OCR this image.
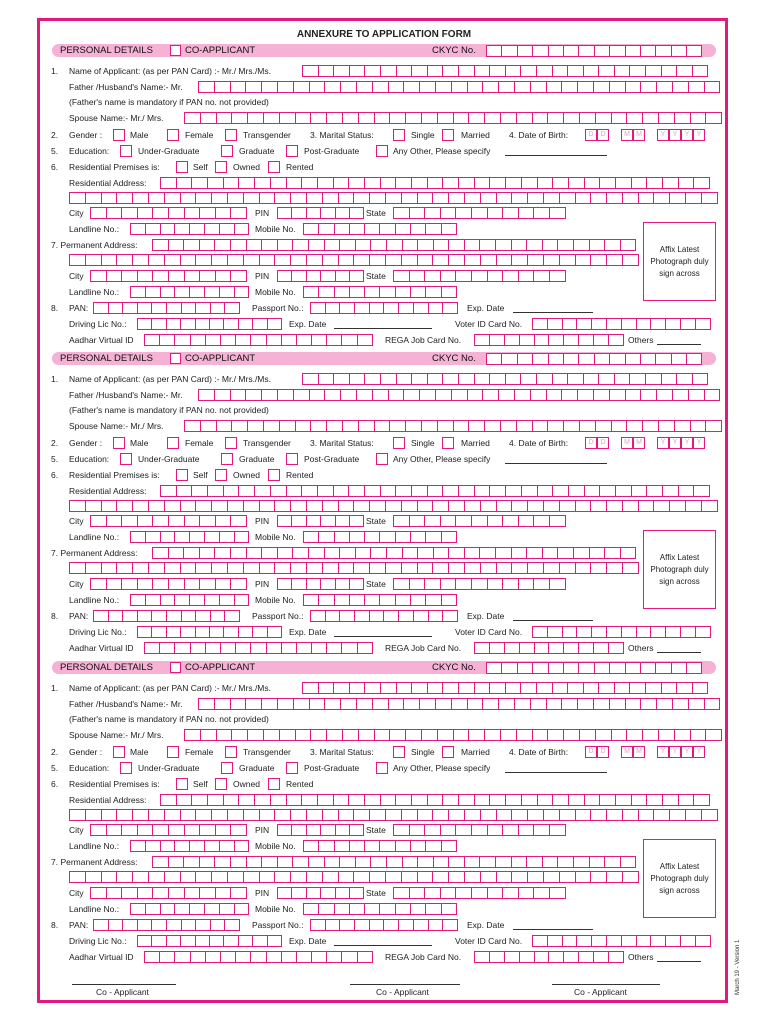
ANNEXURE TO APPLICATION FORM
PERSONAL DETAILS	CO-APPLICANT	CKYC No.
1. Name of Applicant: (as per PAN Card) :- Mr./ Mrs./Ms.
Father /Husband's Name:- Mr.
(Father's name is mandatory if PAN no. not provided)
Spouse Name:- Mr./ Mrs.
2. Gender :	Male	Female	Transgender 3. Marital Status:	Single	Married 4. Date of Birth:	D D	M M	Y	Y	Y	Y
5. Education:	Under-Graduate	Graduate	Post-Graduate	Any Other, Please specify
6. Residential Premises is:	Self	Owned	Rented
Residential Address:
City	PIN	State
Landline No.:	Mobile No.
7. Permanent Address:
City	PIN	State
Landline No.:	Mobile No.
Affix Latest Photograph duly sign across
8. PAN:	Passport No.:	Exp. Date
Driving Lic No.:	Exp. Date	Voter ID Card No.
Aadhar Virtual ID	REGA Job Card No.	Others
PERSONAL DETAILS	CO-APPLICANT	CKYC No.
1. Name of Applicant: (as per PAN Card) :- Mr./ Mrs./Ms.
Father /Husband's Name:- Mr.
(Father's name is mandatory if PAN no. not provided)
Spouse Name:- Mr./ Mrs.
2. Gender :	Male	Female	Transgender 3. Marital Status:	Single	Married 4. Date of Birth:	D D	M M	Y	Y	Y	Y
5. Education:	Under-Graduate	Graduate	Post-Graduate	Any Other, Please specify
6. Residential Premises is:	Self	Owned	Rented
Residential Address:
City	PIN	State
Landline No.:	Mobile No.
7. Permanent Address:
City	PIN	State
Landline No.:	Mobile No.
Affix Latest Photograph duly sign across
8. PAN:	Passport No.:	Exp. Date
Driving Lic No.:	Exp. Date	Voter ID Card No.
Aadhar Virtual ID	REGA Job Card No.	Others
PERSONAL DETAILS	CO-APPLICANT	CKYC No.
1. Name of Applicant: (as per PAN Card) :- Mr./ Mrs./Ms.
Father /Husband's Name:- Mr.
(Father's name is mandatory if PAN no. not provided)
Spouse Name:- Mr./ Mrs.
2. Gender :	Male	Female	Transgender 3. Marital Status:	Single	Married 4. Date of Birth:	D D	M M	Y	Y	Y	Y
5. Education:	Under-Graduate	Graduate	Post-Graduate	Any Other, Please specify
6. Residential Premises is:	Self	Owned	Rented
Residential Address:
City	PIN	State
Landline No.:	Mobile No.
7. Permanent Address:
City	PIN	State
Landline No.:	Mobile No.
Affix Latest Photograph duly sign across
8. PAN:	Passport No.:	Exp. Date
Driving Lic No.:	Exp. Date	Voter ID Card No.
Aadhar Virtual ID	REGA Job Card No.	Others
Co - Applicant	Co - Applicant	Co - Applicant	March 19 - Version 1
